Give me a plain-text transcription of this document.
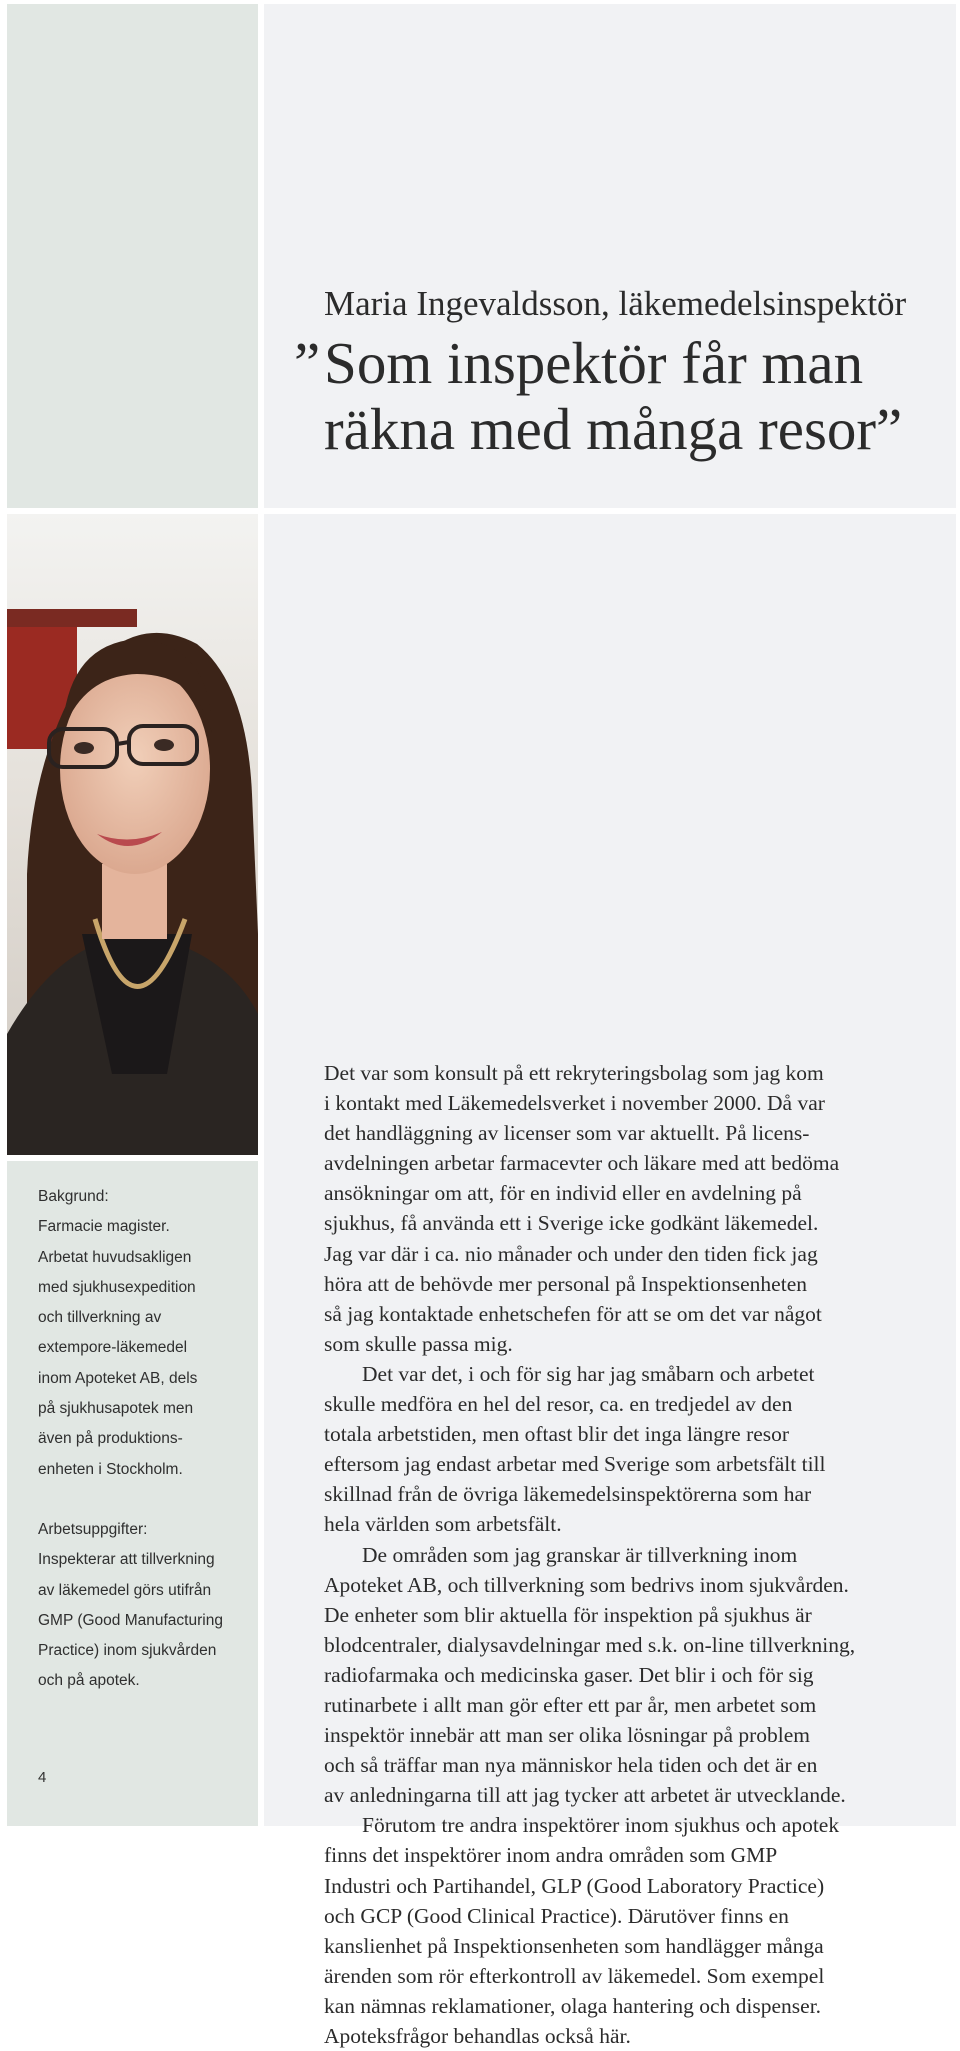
Maria Ingevaldsson, läkemedelsinspektör
” Som inspektör får man
räkna med många resor”
Bakgrund:
Farmacie magister.
Arbetat huvudsakligen
med sjukhusexpedition
och tillverkning av
extempore-läkemedel
inom Apoteket AB, dels
på sjukhusapotek men
även på produktions-
enheten i Stockholm.
Arbetsuppgifter:
Inspekterar att tillverkning
av läkemedel görs utifrån
GMP (Good Manufacturing
Practice) inom sjukvården
och på apotek.
4
Det var som konsult på ett rekryteringsbolag som jag kom
i kontakt med Läkemedelsverket i november 2000. Då var
det handläggning av licenser som var aktuellt. På licens-
avdelningen arbetar farmacevter och läkare med att bedöma
ansökningar om att, för en individ eller en avdelning på
sjukhus, få använda ett i Sverige icke godkänt läkemedel.
Jag var där i ca. nio månader och under den tiden fick jag
höra att de behövde mer personal på Inspektionsenheten
så jag kontaktade enhetschefen för att se om det var något
som skulle passa mig.
Det var det, i och för sig har jag småbarn och arbetet
skulle medföra en hel del resor, ca. en tredjedel av den
totala arbetstiden, men oftast blir det inga längre resor
eftersom jag endast arbetar med Sverige som arbetsfält till
skillnad från de övriga läkemedelsinspektörerna som har
hela världen som arbetsfält.
De områden som jag granskar är tillverkning inom
Apoteket AB, och tillverkning som bedrivs inom sjukvården.
De enheter som blir aktuella för inspektion på sjukhus är
blodcentraler, dialysavdelningar med s.k. on-line tillverkning,
radiofarmaka och medicinska gaser. Det blir i och för sig
rutinarbete i allt man gör efter ett par år, men arbetet som
inspektör innebär att man ser olika lösningar på problem
och så träffar man nya människor hela tiden och det är en
av anledningarna till att jag tycker att arbetet är utvecklande.
Förutom tre andra inspektörer inom sjukhus och apotek
finns det inspektörer inom andra områden som GMP
Industri och Partihandel, GLP (Good Laboratory Practice)
och GCP (Good Clinical Practice). Därutöver finns en
kanslienhet på Inspektionsenheten som handlägger många
ärenden som rör efterkontroll av läkemedel. Som exempel
kan nämnas reklamationer, olaga hantering och dispenser.
Apoteksfrågor behandlas också här.
